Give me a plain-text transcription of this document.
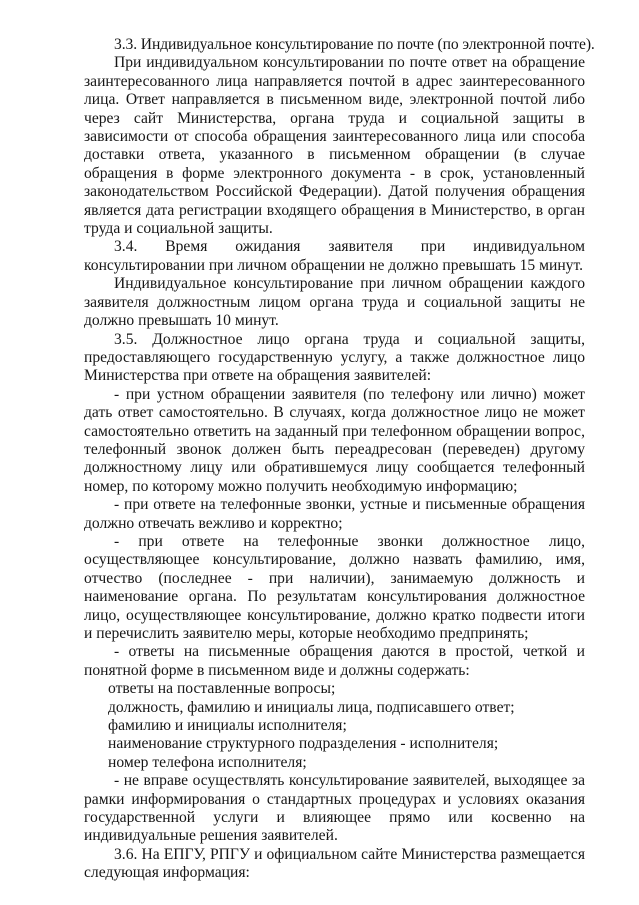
3.3. Индивидуальное консультирование по почте (по электронной почте).

При индивидуальном консультировании по почте ответ на обращение заинтересованного лица направляется почтой в адрес заинтересованного лица. Ответ направляется в письменном виде, электронной почтой либо через сайт Министерства, органа труда и социальной защиты в зависимости от способа обращения заинтересованного лица или способа доставки ответа, указанного в письменном обращении (в случае обращения в форме электронного документа - в срок, установленный законодательством Российской Федерации). Датой получения обращения является дата регистрации входящего обращения в Министерство, в орган труда и социальной защиты.

3.4. Время ожидания заявителя при индивидуальном консультировании при личном обращении не должно превышать 15 минут.

Индивидуальное консультирование при личном обращении каждого заявителя должностным лицом органа труда и социальной защиты не должно превышать 10 минут.

3.5. Должностное лицо органа труда и социальной защиты, предоставляющего государственную услугу, а также должностное лицо Министерства при ответе на обращения заявителей:

- при устном обращении заявителя (по телефону или лично) может дать ответ самостоятельно. В случаях, когда должностное лицо не может самостоятельно ответить на заданный при телефонном обращении вопрос, телефонный звонок должен быть переадресован (переведен) другому должностному лицу или обратившемуся лицу сообщается телефонный номер, по которому можно получить необходимую информацию;

- при ответе на телефонные звонки, устные и письменные обращения должно отвечать вежливо и корректно;

- при ответе на телефонные звонки должностное лицо, осуществляющее консультирование, должно назвать фамилию, имя, отчество (последнее - при наличии), занимаемую должность и наименование органа. По результатам консультирования должностное лицо, осуществляющее консультирование, должно кратко подвести итоги и перечислить заявителю меры, которые необходимо предпринять;

- ответы на письменные обращения даются в простой, четкой и понятной форме в письменном виде и должны содержать:

ответы на поставленные вопросы;

должность, фамилию и инициалы лица, подписавшего ответ;

фамилию и инициалы исполнителя;

наименование структурного подразделения - исполнителя;

номер телефона исполнителя;

- не вправе осуществлять консультирование заявителей, выходящее за рамки информирования о стандартных процедурах и условиях оказания государственной услуги и влияющее прямо или косвенно на индивидуальные решения заявителей.

3.6. На ЕПГУ, РПГУ и официальном сайте Министерства размещается следующая информация:
